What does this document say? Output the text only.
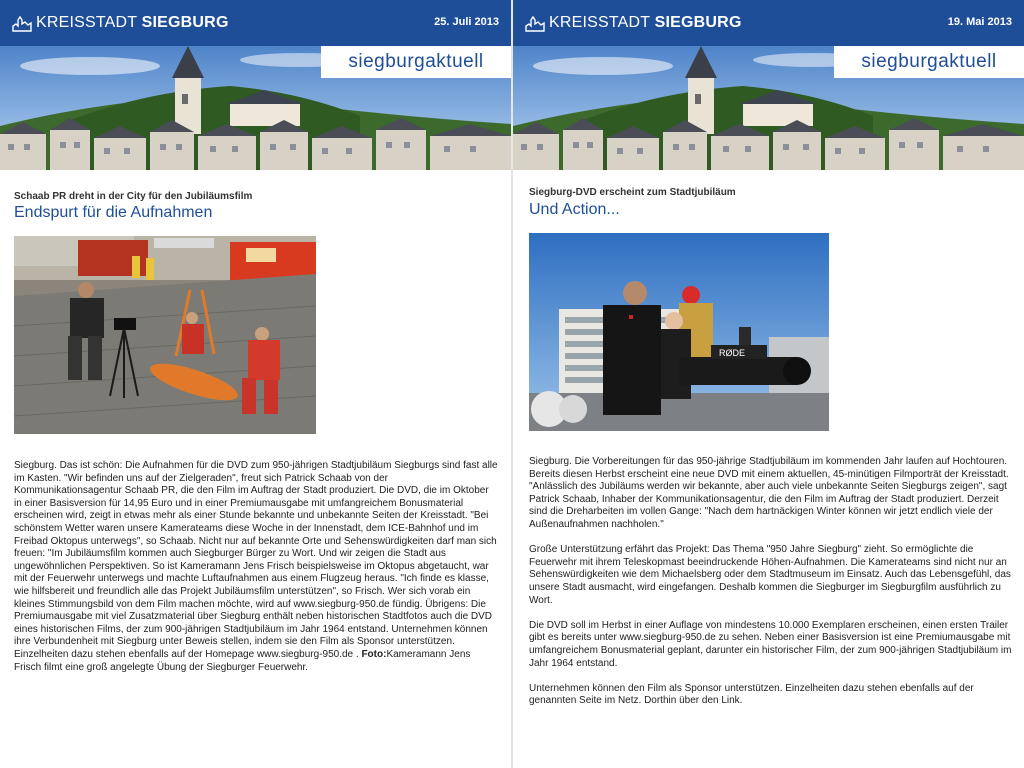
KREISSTADT SIEGBURG	25. Juli 2013
siegburgaktuell
Schaab PR dreht in der City für den Jubiläumsfilm
Endspurt für die Aufnahmen

Siegburg. Das ist schön: Die Aufnahmen für die DVD zum 950-jährigen Stadtjubiläum Siegburgs sind fast alle im Kasten. "Wir befinden uns auf der Zielgeraden", freut sich Patrick Schaab von der Kommunikationsagentur Schaab PR, die den Film im Auftrag der Stadt produziert. Die DVD, die im Oktober in einer Basisversion für 14,95 Euro und in einer Premiumausgabe mit umfangreichem Bonusmaterial erscheinen wird, zeigt in etwas mehr als einer Stunde bekannte und unbekannte Seiten der Kreisstadt. "Bei schönstem Wetter waren unsere Kamerateams diese Woche in der Innenstadt, dem ICE-Bahnhof und im Freibad Oktopus unterwegs", so Schaab. Nicht nur auf bekannte Orte und Sehenswürdigkeiten darf man sich freuen: "Im Jubiläumsfilm kommen auch Siegburger Bürger zu Wort. Und wir zeigen die Stadt aus ungewöhnlichen Perspektiven. So ist Kameramann Jens Frisch beispielsweise im Oktopus abgetaucht, war mit der Feuerwehr unterwegs und machte Luftaufnahmen aus einem Flugzeug heraus. "Ich finde es klasse, wie hilfsbereit und freundlich alle das Projekt Jubiläumsfilm unterstützen", so Frisch. Wer sich vorab ein kleines Stimmungsbild von dem Film machen möchte, wird auf www.siegburg-950.de fündig. Übrigens: Die Premiumausgabe mit viel Zusatzmaterial über Siegburg enthält neben historischen Stadtfotos auch die DVD eines historischen Films, der zum 900-jährigen Stadtjubiläum im Jahr 1964 entstand. Unternehmen können ihre Verbundenheit mit Siegburg unter Beweis stellen, indem sie den Film als Sponsor unterstützen. Einzelheiten dazu stehen ebenfalls auf der Homepage www.siegburg-950.de . Foto:Kameramann Jens Frisch filmt eine groß angelegte Übung der Siegburger Feuerwehr.

KREISSTADT SIEGBURG	19. Mai 2013
siegburgaktuell
Siegburg-DVD erscheint zum Stadtjubiläum
Und Action...
RØDE

Siegburg. Die Vorbereitungen für das 950-jährige Stadtjubiläum im kommenden Jahr laufen auf Hochtouren. Bereits diesen Herbst erscheint eine neue DVD mit einem aktuellen, 45-minütigen Filmporträt der Kreisstadt. "Anlässlich des Jubiläums werden wir bekannte, aber auch viele unbekannte Seiten Siegburgs zeigen", sagt Patrick Schaab, Inhaber der Kommunikationsagentur, die den Film im Auftrag der Stadt produziert. Derzeit sind die Dreharbeiten im vollen Gange: "Nach dem hartnäckigen Winter können wir jetzt endlich viele der Außenaufnahmen nachholen."

Große Unterstützung erfährt das Projekt: Das Thema "950 Jahre Siegburg" zieht. So ermöglichte die Feuerwehr mit ihrem Teleskopmast beeindruckende Höhen-Aufnahmen. Die Kamerateams sind nicht nur an Sehenswürdigkeiten wie dem Michaelsberg oder dem Stadtmuseum im Einsatz. Auch das Lebensgefühl, das unsere Stadt ausmacht, wird eingefangen. Deshalb kommen die Siegburger im Siegburgfilm ausführlich zu Wort.

Die DVD soll im Herbst in einer Auflage von mindestens 10.000 Exemplaren erscheinen, einen ersten Trailer gibt es bereits unter www.siegburg-950.de zu sehen. Neben einer Basisversion ist eine Premiumausgabe mit umfangreichem Bonusmaterial geplant, darunter ein historischer Film, der zum 900-jährigen Stadtjubiläum im Jahr 1964 entstand.

Unternehmen können den Film als Sponsor unterstützen. Einzelheiten dazu stehen ebenfalls auf der genannten Seite im Netz. Dorthin über den Link.
